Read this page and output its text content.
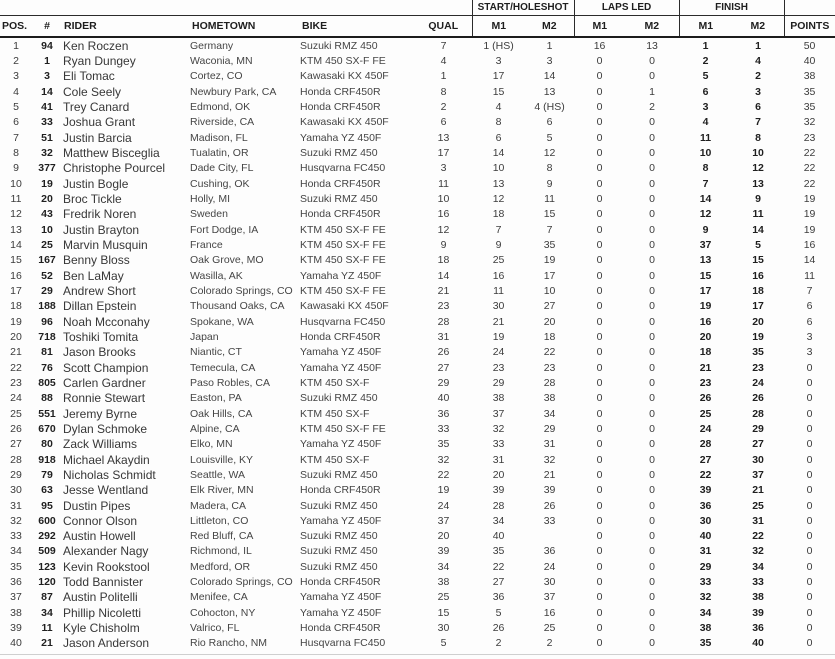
						START/HOLESHOT		LAPS LED		FINISH		
POS.	#	RIDER	HOMETOWN	BIKE	QUAL	M1	M2	M1	M2	M1	M2	POINTS
1	94	Ken Roczen	Germany	Suzuki RMZ 450	7	1 (HS)	1	16	13	1	1	50
2	1	Ryan Dungey	Waconia, MN	KTM 450 SX-F FE	4	3	3	0	0	2	4	40
3	3	Eli Tomac	Cortez, CO	Kawasaki KX 450F	1	17	14	0	0	5	2	38
4	14	Cole Seely	Newbury Park, CA	Honda CRF450R	8	15	13	0	1	6	3	35
5	41	Trey Canard	Edmond, OK	Honda CRF450R	2	4	4 (HS)	0	2	3	6	35
6	33	Joshua Grant	Riverside, CA	Kawasaki KX 450F	6	8	6	0	0	4	7	32
7	51	Justin Barcia	Madison, FL	Yamaha YZ 450F	13	6	5	0	0	11	8	23
8	32	Matthew Bisceglia	Tualatin, OR	Suzuki RMZ 450	17	14	12	0	0	10	10	22
9	377	Christophe Pourcel	Dade City, FL	Husqvarna FC450	3	10	8	0	0	8	12	22
10	19	Justin Bogle	Cushing, OK	Honda CRF450R	11	13	9	0	0	7	13	22
11	20	Broc Tickle	Holly, MI	Suzuki RMZ 450	10	12	11	0	0	14	9	19
12	43	Fredrik Noren	Sweden	Honda CRF450R	16	18	15	0	0	12	11	19
13	10	Justin Brayton	Fort Dodge, IA	KTM 450 SX-F FE	12	7	7	0	0	9	14	19
14	25	Marvin Musquin	France	KTM 450 SX-F FE	9	9	35	0	0	37	5	16
15	167	Benny Bloss	Oak Grove, MO	KTM 450 SX-F FE	18	25	19	0	0	13	15	14
16	52	Ben LaMay	Wasilla, AK	Yamaha YZ 450F	14	16	17	0	0	15	16	11
17	29	Andrew Short	Colorado Springs, CO	KTM 450 SX-F FE	21	11	10	0	0	17	18	7
18	188	Dillan Epstein	Thousand Oaks, CA	Kawasaki KX 450F	23	30	27	0	0	19	17	6
19	96	Noah Mcconahy	Spokane, WA	Husqvarna FC450	28	21	20	0	0	16	20	6
20	718	Toshiki Tomita	Japan	Honda CRF450R	31	19	18	0	0	20	19	3
21	81	Jason Brooks	Niantic, CT	Yamaha YZ 450F	26	24	22	0	0	18	35	3
22	76	Scott Champion	Temecula, CA	Yamaha YZ 450F	27	23	23	0	0	21	23	0
23	805	Carlen Gardner	Paso Robles, CA	KTM 450 SX-F	29	29	28	0	0	23	24	0
24	88	Ronnie Stewart	Easton, PA	Suzuki RMZ 450	40	38	38	0	0	26	26	0
25	551	Jeremy Byrne	Oak Hills, CA	KTM 450 SX-F	36	37	34	0	0	25	28	0
26	670	Dylan Schmoke	Alpine, CA	KTM 450 SX-F FE	33	32	29	0	0	24	29	0
27	80	Zack Williams	Elko, MN	Yamaha YZ 450F	35	33	31	0	0	28	27	0
28	918	Michael Akaydin	Louisville, KY	KTM 450 SX-F	32	31	32	0	0	27	30	0
29	79	Nicholas Schmidt	Seattle, WA	Suzuki RMZ 450	22	20	21	0	0	22	37	0
30	63	Jesse Wentland	Elk River, MN	Honda CRF450R	19	39	39	0	0	39	21	0
31	95	Dustin Pipes	Madera, CA	Suzuki RMZ 450	24	28	26	0	0	36	25	0
32	600	Connor Olson	Littleton, CO	Yamaha YZ 450F	37	34	33	0	0	30	31	0
33	292	Austin Howell	Red Bluff, CA	Suzuki RMZ 450	20	40		0	0	40	22	0
34	509	Alexander Nagy	Richmond, IL	Suzuki RMZ 450	39	35	36	0	0	31	32	0
35	123	Kevin Rookstool	Medford, OR	Suzuki RMZ 450	34	22	24	0	0	29	34	0
36	120	Todd Bannister	Colorado Springs, CO	Honda CRF450R	38	27	30	0	0	33	33	0
37	87	Austin Politelli	Menifee, CA	Yamaha YZ 450F	25	36	37	0	0	32	38	0
38	34	Phillip Nicoletti	Cohocton, NY	Yamaha YZ 450F	15	5	16	0	0	34	39	0
39	11	Kyle Chisholm	Valrico, FL	Honda CRF450R	30	26	25	0	0	38	36	0
40	21	Jason Anderson	Rio Rancho, NM	Husqvarna FC450	5	2	2	0	0	35	40	0
